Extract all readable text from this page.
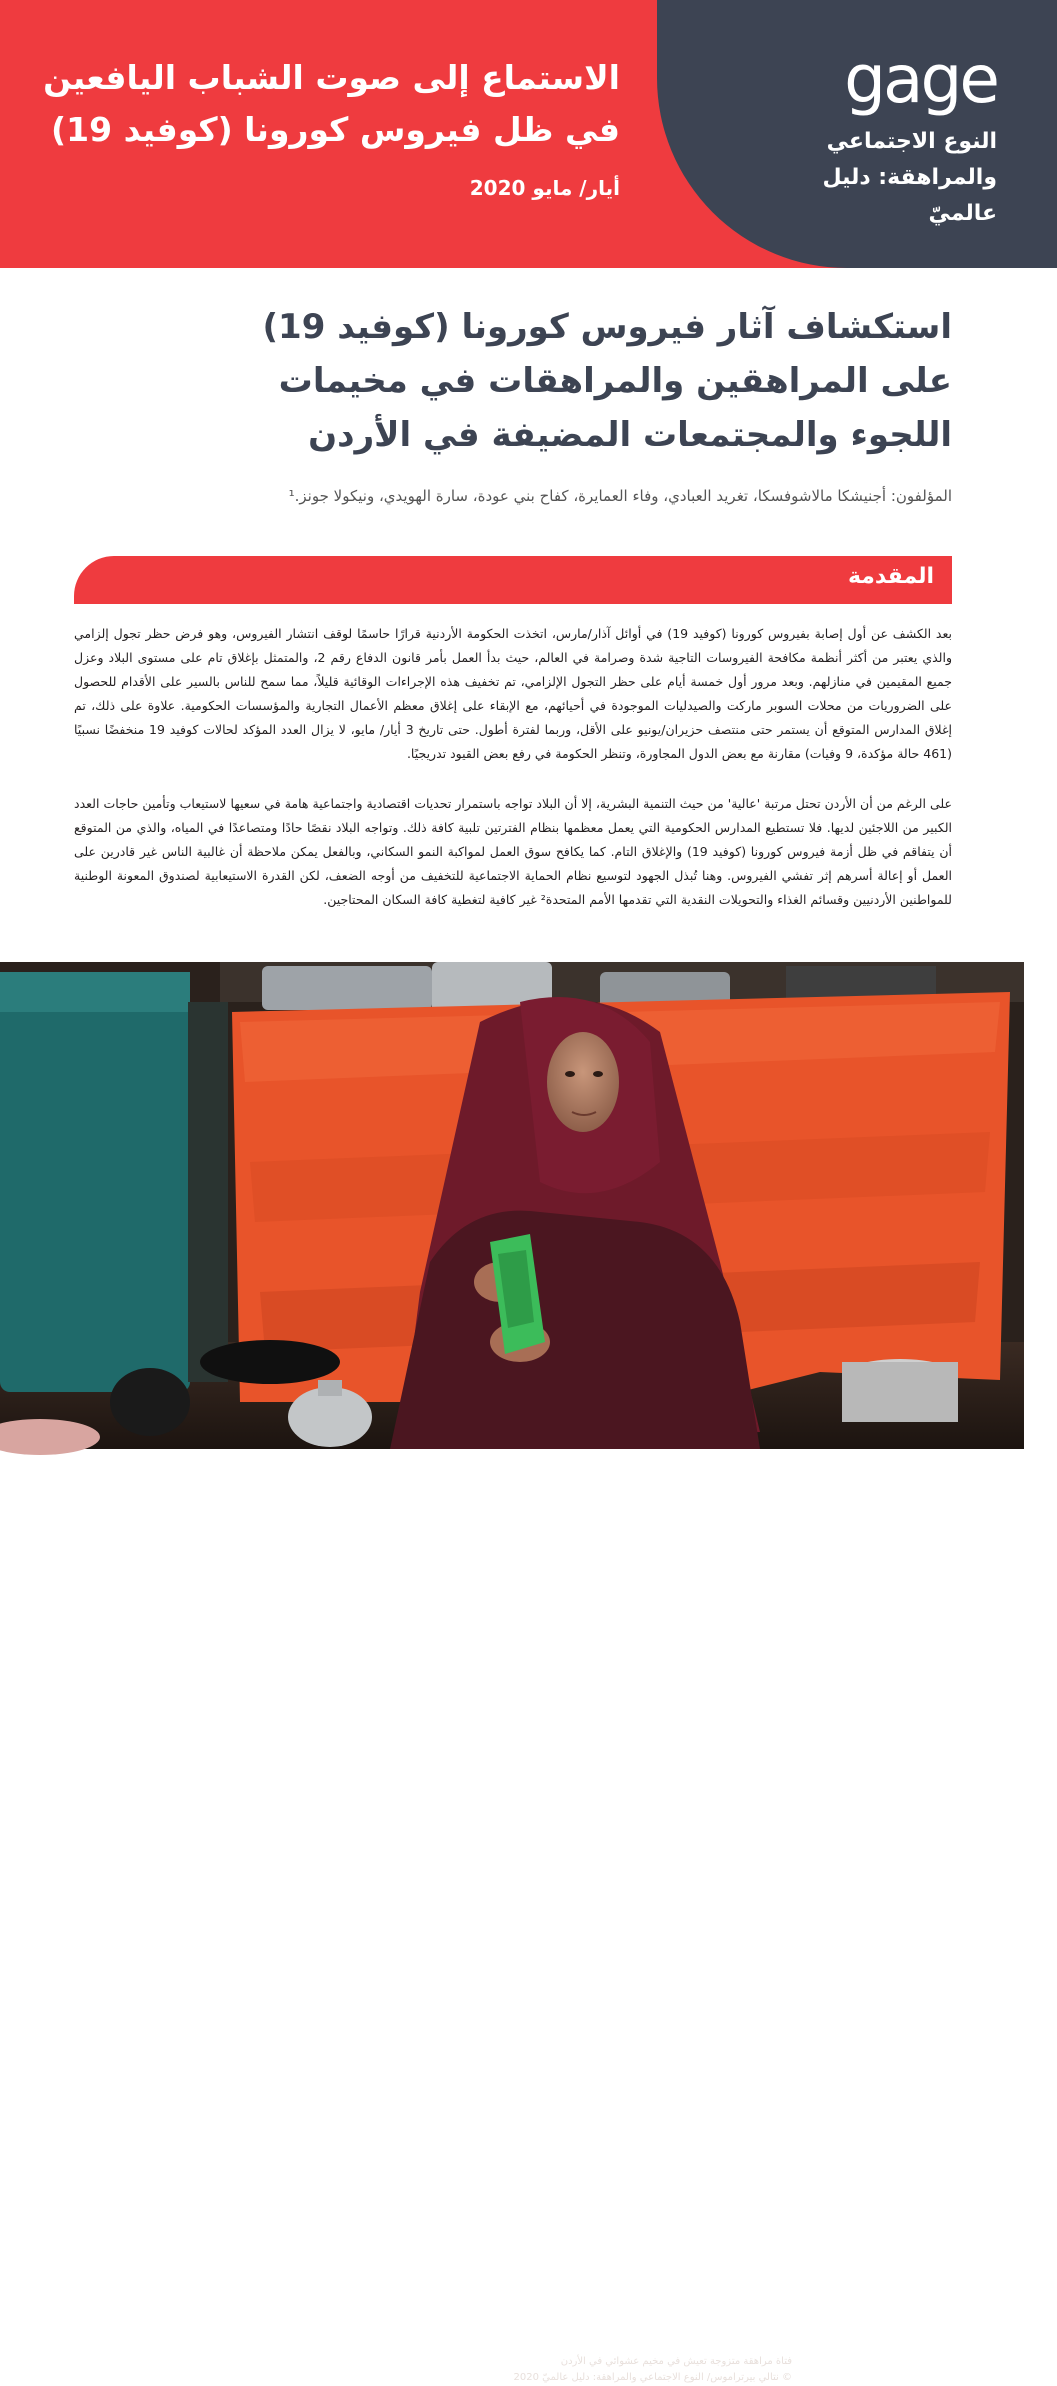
gage
النوع الاجتماعي
والمراهقة: دليل عالميّ
الاستماع إلى صوت الشباب اليافعين
في ظل فيروس كورونا (كوفيد 19)
أيار/ مايو 2020
استكشاف آثار فيروس كورونا (كوفيد 19)
على المراهقين والمراهقات في مخيمات
اللجوء والمجتمعات المضيفة في الأردن
المؤلفون: أجنيشكا مالاشوفسكا، تغريد العبادي، وفاء العمايرة، كفاح بني عودة، سارة الهويدي، ونيكولا جونز.¹
المقدمة
بعد الكشف عن أول إصابة بفيروس كورونا (كوفيد 19) في أوائل آذار/مارس، اتخذت الحكومة الأردنية قرارًا حاسمًا لوقف انتشار الفيروس، وهو فرض حظر تجول إلزامي والذي يعتبر من أكثر أنظمة مكافحة الفيروسات التاجية شدة وصرامة في العالم، حيث بدأ العمل بأمر قانون الدفاع رقم 2، والمتمثل بإغلاق تام على مستوى البلاد وعزل جميع المقيمين في منازلهم. وبعد مرور أول خمسة أيام على حظر التجول الإلزامي، تم تخفيف هذه الإجراءات الوقائية قليلاً، مما سمح للناس بالسير على الأقدام للحصول على الضروريات من محلات السوبر ماركت والصيدليات الموجودة في أحيائهم، مع الإبقاء على إغلاق معظم الأعمال التجارية والمؤسسات الحكومية. علاوة على ذلك، تم إغلاق المدارس المتوقع أن يستمر حتى منتصف حزيران/يونيو على الأقل، وربما لفترة أطول. حتى تاريخ 3 أيار/ مايو، لا يزال العدد المؤكد لحالات كوفيد 19 منخفضًا نسبيًا (461 حالة مؤكدة، 9 وفيات) مقارنة مع بعض الدول المجاورة، وتنظر الحكومة في رفع بعض القيود تدريجيًا.
على الرغم من أن الأردن تحتل مرتبة 'عالية' من حيث التنمية البشرية، إلا أن البلاد تواجه باستمرار تحديات اقتصادية واجتماعية هامة في سعيها لاستيعاب وتأمين حاجات العدد الكبير من اللاجئين لديها. فلا تستطيع المدارس الحكومية التي يعمل معظمها بنظام الفترتين تلبية كافة ذلك. وتواجه البلاد نقصًا حادًا ومتصاعدًا في المياه، والذي من المتوقع أن يتفاقم في ظل أزمة فيروس كورونا (كوفيد 19) والإغلاق التام. كما يكافح سوق العمل لمواكبة النمو السكاني، وبالفعل يمكن ملاحظة أن غالبية الناس غير قادرين على العمل أو إعالة أسرهم إثر تفشي الفيروس. وهنا تُبذل الجهود لتوسيع نظام الحماية الاجتماعية للتخفيف من أوجه الضعف، لكن القدرة الاستيعابية لصندوق المعونة الوطنية للمواطنين الأردنيين وقسائم الغذاء والتحويلات النقدية التي تقدمها الأمم المتحدة² غير كافية لتغطية كافة السكان المحتاجين.
فتاة مراهقة متزوجة تعيش في مخيم عشوائي في الأردن
© نتالي بيرتراموس/ النوع الاجتماعي والمراهقة: دليل عالميّ 2020
